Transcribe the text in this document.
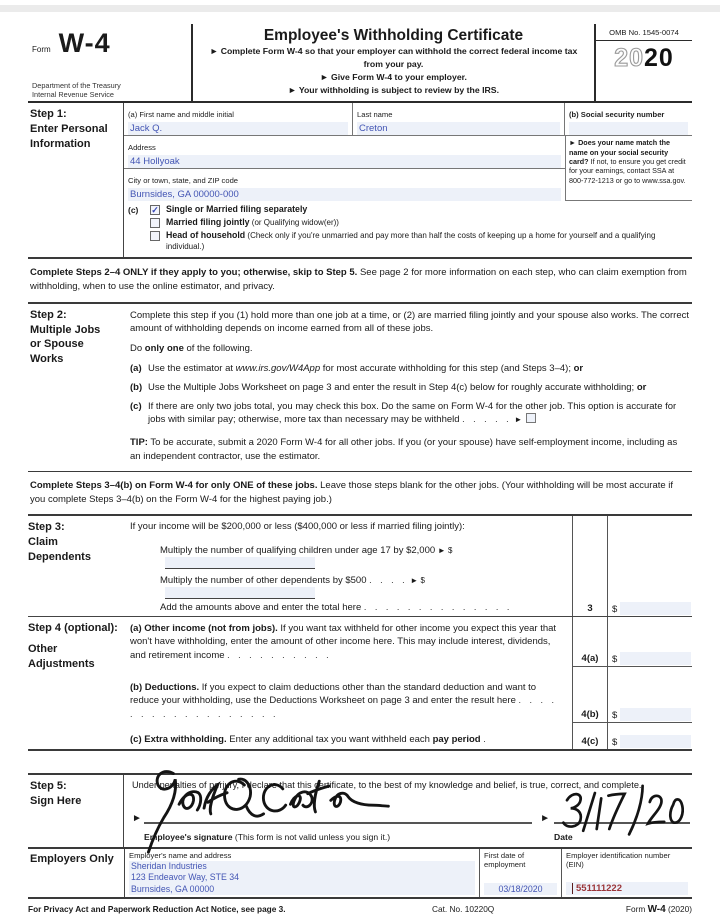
Form W-4
Department of the Treasury
Internal Revenue Service
Employee's Withholding Certificate
► Complete Form W-4 so that your employer can withhold the correct federal income tax from your pay.
► Give Form W-4 to your employer.
► Your withholding is subject to review by the IRS.
OMB No. 1545-0074
2020
Step 1:
Enter Personal Information
(a) First name and middle initial
Jack Q.
Last name
Creton
(b) Social security number
Address
44 Hollyoak
City or town, state, and ZIP code
Burnsides, GA 00000-000
► Does your name match the name on your social security card? If not, to ensure you get credit for your earnings, contact SSA at 800-772-1213 or go to www.ssa.gov.
(c)	✓ Single or Married filing separately
Married filing jointly (or Qualifying widow(er))
Head of household (Check only if you're unmarried and pay more than half the costs of keeping up a home for yourself and a qualifying individual.)
Complete Steps 2–4 ONLY if they apply to you; otherwise, skip to Step 5. See page 2 for more information on each step, who can claim exemption from withholding, when to use the online estimator, and privacy.
Step 2:
Multiple Jobs or Spouse Works

Complete this step if you (1) hold more than one job at a time, or (2) are married filing jointly and your spouse also works. The correct amount of withholding depends on income earned from all of these jobs.

Do only one of the following.

(a) Use the estimator at www.irs.gov/W4App for most accurate withholding for this step (and Steps 3–4); or
(b) Use the Multiple Jobs Worksheet on page 3 and enter the result in Step 4(c) below for roughly accurate withholding; or
(c) If there are only two jobs total, you may check this box. Do the same on Form W-4 for the other job. This option is accurate for jobs with similar pay; otherwise, more tax than necessary may be withheld . . . . . ►
TIP: To be accurate, submit a 2020 Form W-4 for all other jobs. If you (or your spouse) have self-employment income, including as an independent contractor, use the estimator.
Complete Steps 3–4(b) on Form W-4 for only ONE of these jobs. Leave those steps blank for the other jobs. (Your withholding will be most accurate if you complete Steps 3–4(b) on the Form W-4 for the highest paying job.)
Step 3:
Claim Dependents
If your income will be $200,000 or less ($400,000 or less if married filing jointly):
Multiply the number of qualifying children under age 17 by $2,000 ► $
Multiply the number of other dependents by $500 . . . . ► $
Add the amounts above and enter the total here . . . . . . . . . . . . . .	3	$
Step 4 (optional):
Other Adjustments
(a) Other income (not from jobs). If you want tax withheld for other income you expect this year that won't have withholding, enter the amount of other income here. This may include interest, dividends, and retirement income . . . . . . . . . .	4(a)	$
(b) Deductions. If you expect to claim deductions other than the standard deduction and want to reduce your withholding, use the Deductions Worksheet on page 3 and enter the result here . . . . . . . . . . . . . . . . . .	4(b)	$
(c) Extra withholding. Enter any additional tax you want withheld each pay period .	4(c)	$
Step 5:
Sign Here
Under penalties of perjury, I declare that this certificate, to the best of my knowledge and belief, is true, correct, and complete.
►	►
Employee's signature (This form is not valid unless you sign it.)	Date
Employers Only	Employer's name and address
Sheridan Industries
123 Endeavor Way, STE 34
Burnsides, GA 00000
First date of employment
03/18/2020
Employer identification number (EIN)
551111222
For Privacy Act and Paperwork Reduction Act Notice, see page 3.	Cat. No. 10220Q	Form W-4 (2020)
